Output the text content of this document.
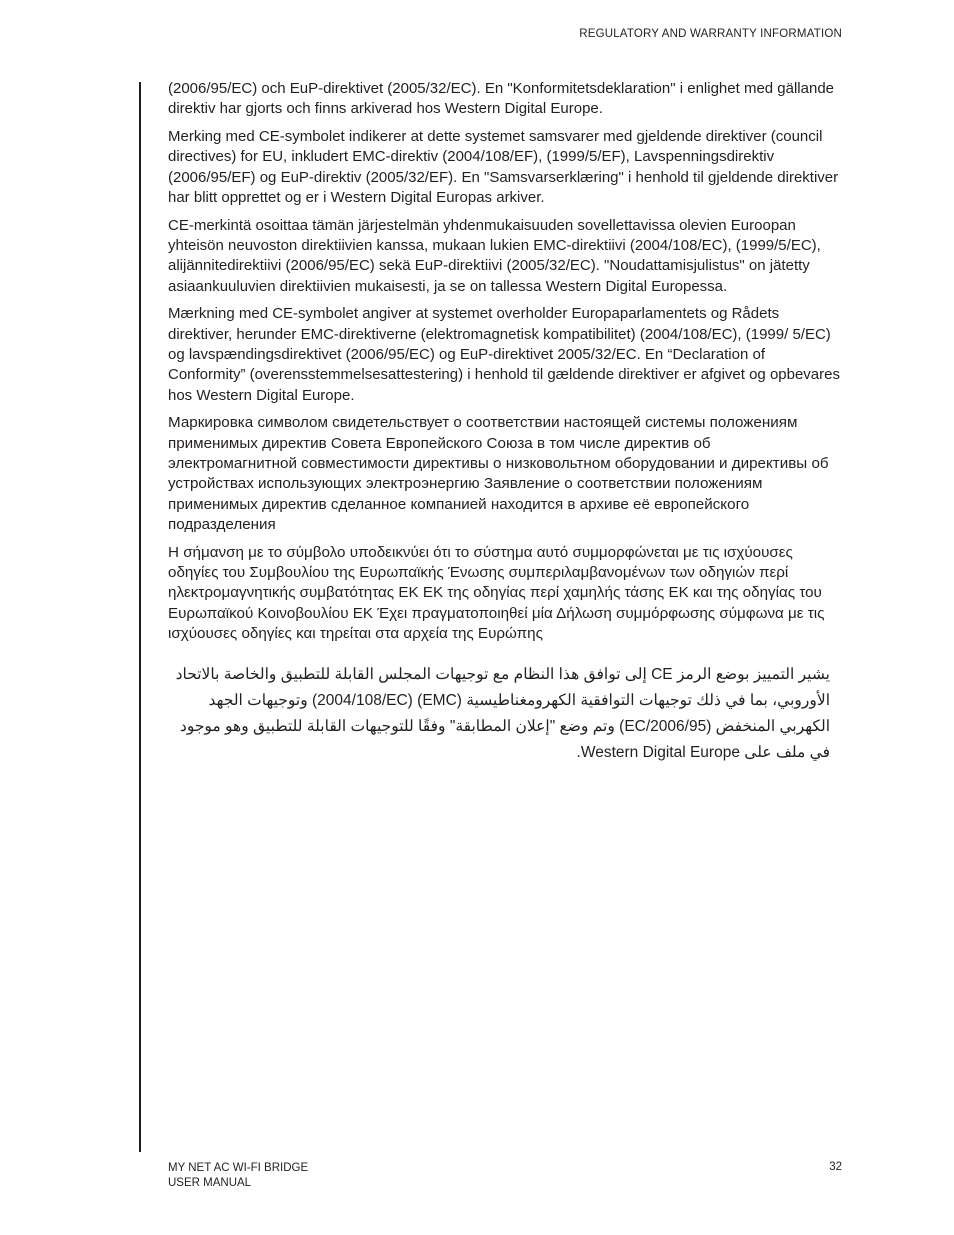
REGULATORY AND WARRANTY INFORMATION

(2006/95/EC) och EuP-direktivet (2005/32/EC). En "Konformitetsdeklaration" i enlighet med gällande direktiv har gjorts och finns arkiverad hos Western Digital Europe.

Merking med CE-symbolet indikerer at dette systemet samsvarer med gjeldende direktiver (council directives) for EU, inkludert EMC-direktiv (2004/108/EF), (1999/5/EF), Lavspenningsdirektiv (2006/95/EF) og EuP-direktiv (2005/32/EF). En "Samsvarserklæring" i henhold til gjeldende direktiver har blitt opprettet og er i Western Digital Europas arkiver.

CE-merkintä osoittaa tämän järjestelmän yhdenmukaisuuden sovellettavissa olevien Euroopan yhteisön neuvoston direktiivien kanssa, mukaan lukien EMC-direktiivi (2004/108/EC), (1999/5/EC), alijännitedirektiivi (2006/95/EC) sekä EuP-direktiivi (2005/32/EC). "Noudattamisjulistus" on jätetty asiaankuuluvien direktiivien mukaisesti, ja se on tallessa Western Digital Europessa.

Mærkning med CE-symbolet angiver at systemet overholder Europaparlamentets og Rådets direktiver, herunder EMC-direktiverne (elektromagnetisk kompatibilitet) (2004/108/EC), (1999/ 5/EC) og lavspændingsdirektivet (2006/95/EC) og EuP-direktivet 2005/32/EC. En “Declaration of Conformity” (overensstemmelsesattestering) i henhold til gældende direktiver er afgivet og opbevares hos Western Digital Europe.

Маркировка символом свидетельствует о соответствии настоящей системы положениям применимых директив Совета Европейского Союза в том числе директив об электромагнитной совместимости директивы о низковольтном оборудовании и директивы об устройствах использующих электроэнергию Заявление о соответствии положениям применимых директив сделанное компанией находится в архиве её европейского подразделения

Η σήμανση με το σύμβολο υποδεικνύει ότι το σύστημα αυτό συμμορφώνεται με τις ισχύουσες οδηγίες του Συμβουλίου της Ευρωπαϊκής Ένωσης συμπεριλαμβανομένων των οδηγιών περί ηλεκτρομαγνητικής συμβατότητας ΕΚ ΕΚ της οδηγίας περί χαμηλής τάσης ΕΚ και της οδηγίας του Ευρωπαϊκού Κοινοβουλίου ΕΚ Έχει πραγματοποιηθεί μία Δήλωση συμμόρφωσης σύμφωνα με τις ισχύουσες οδηγίες και τηρείται στα αρχεία της Ευρώπης

يشير التمييز بوضع الرمز CE إلى توافق هذا النظام مع توجيهات المجلس القابلة للتطبيق والخاصة بالاتحاد الأوروبي، بما في ذلك توجيهات التوافقية الكهرومغناطيسية (EMC) (2004/108/EC) وتوجيهات الجهد الكهربي المنخفض (2006/95/EC) وتم وضع "إعلان المطابقة" وفقًا للتوجيهات القابلة للتطبيق وهو موجود في ملف على Western Digital Europe.

MY NET AC WI-FI BRIDGE
USER MANUAL
32
